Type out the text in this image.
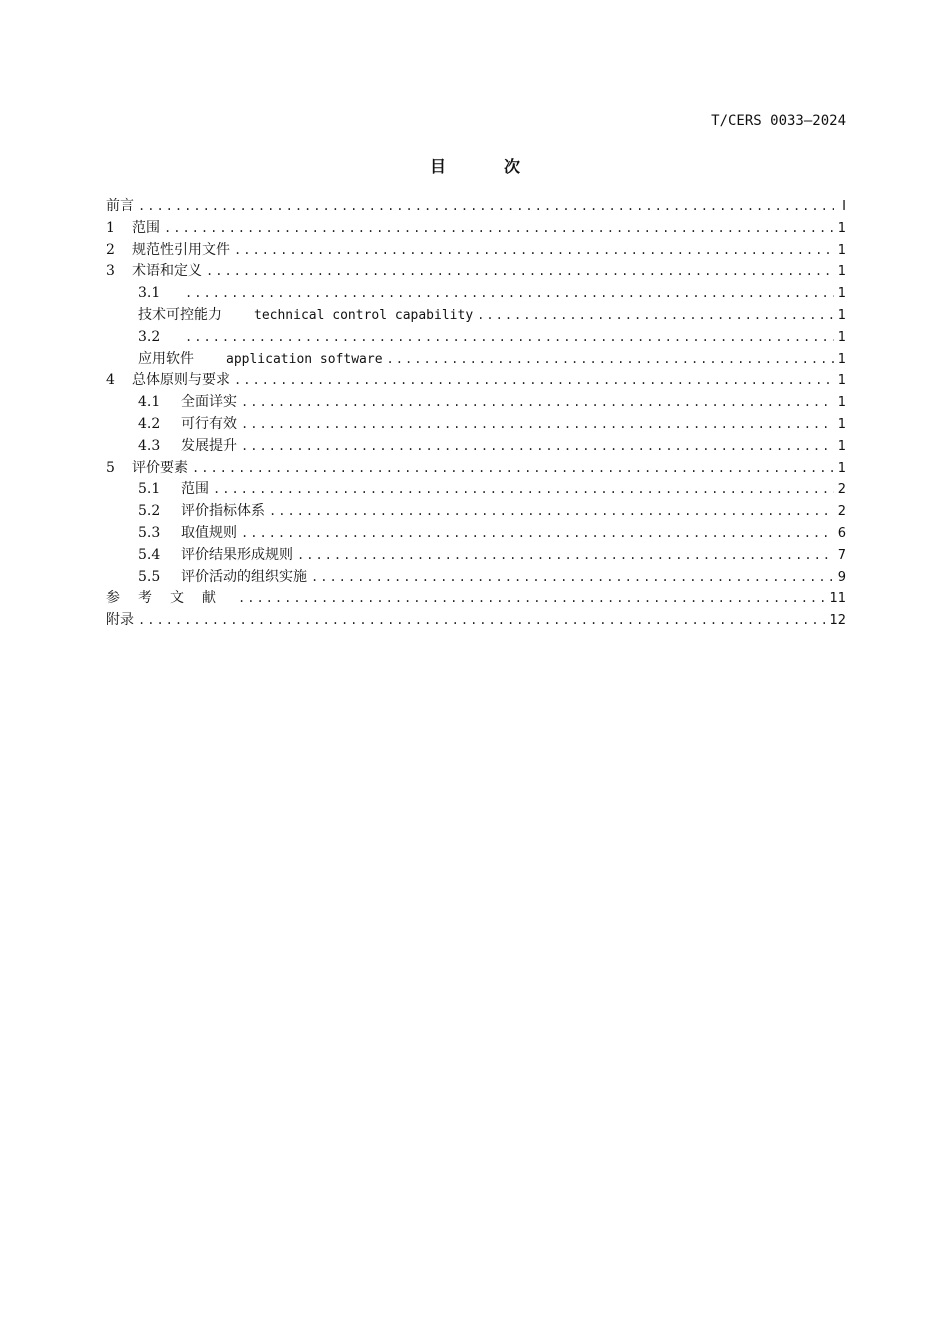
T/CERS 0033—2024
目	次
前言 .....	I
1	范围 .....	1
2	规范性引用文件 .....	1
3	术语和定义 .....	1
3.1 .....	1
技术可控能力 technical control capability .....	1
3.2 .....	1
应用软件 application software .....	1
4	总体原则与要求 .....	1
4.1	全面详实 .....	1
4.2	可行有效 .....	1
4.3	发展提升 .....	1
5	评价要素 .....	1
5.1	范围 .....	2
5.2	评价指标体系 .....	2
5.3	取值规则 .....	6
5.4	评价结果形成规则 .....	7
5.5	评价活动的组织实施 .....	9
参考文献 .....	11
附录 .....	12
